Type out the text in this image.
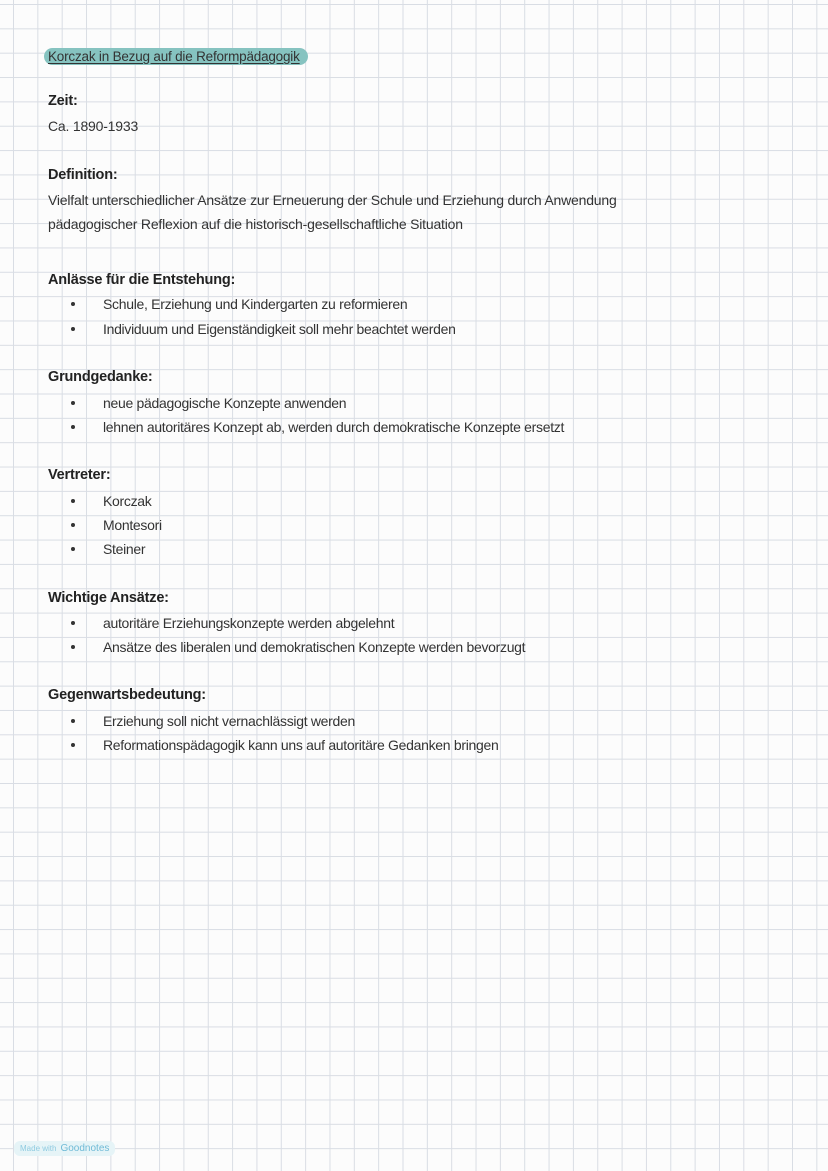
Korczak in Bezug auf die Reformpädagogik
Zeit:
Ca. 1890-1933
Definition:
Vielfalt unterschiedlicher Ansätze zur Erneuerung der Schule und Erziehung durch Anwendung
pädagogischer Reflexion auf die historisch-gesellschaftliche Situation
Anlässe für die Entstehung:
Schule, Erziehung und Kindergarten zu reformieren
Individuum und Eigenständigkeit soll mehr beachtet werden
Grundgedanke:
neue pädagogische Konzepte anwenden
lehnen autoritäres Konzept ab, werden durch demokratische Konzepte ersetzt
Vertreter:
Korczak
Montesori
Steiner
Wichtige Ansätze:
autoritäre Erziehungskonzepte werden abgelehnt
Ansätze des liberalen und demokratischen Konzepte werden bevorzugt
Gegenwartsbedeutung:
Erziehung soll nicht vernachlässigt werden
Reformationspädagogik kann uns auf autoritäre Gedanken bringen
Made with Goodnotes
